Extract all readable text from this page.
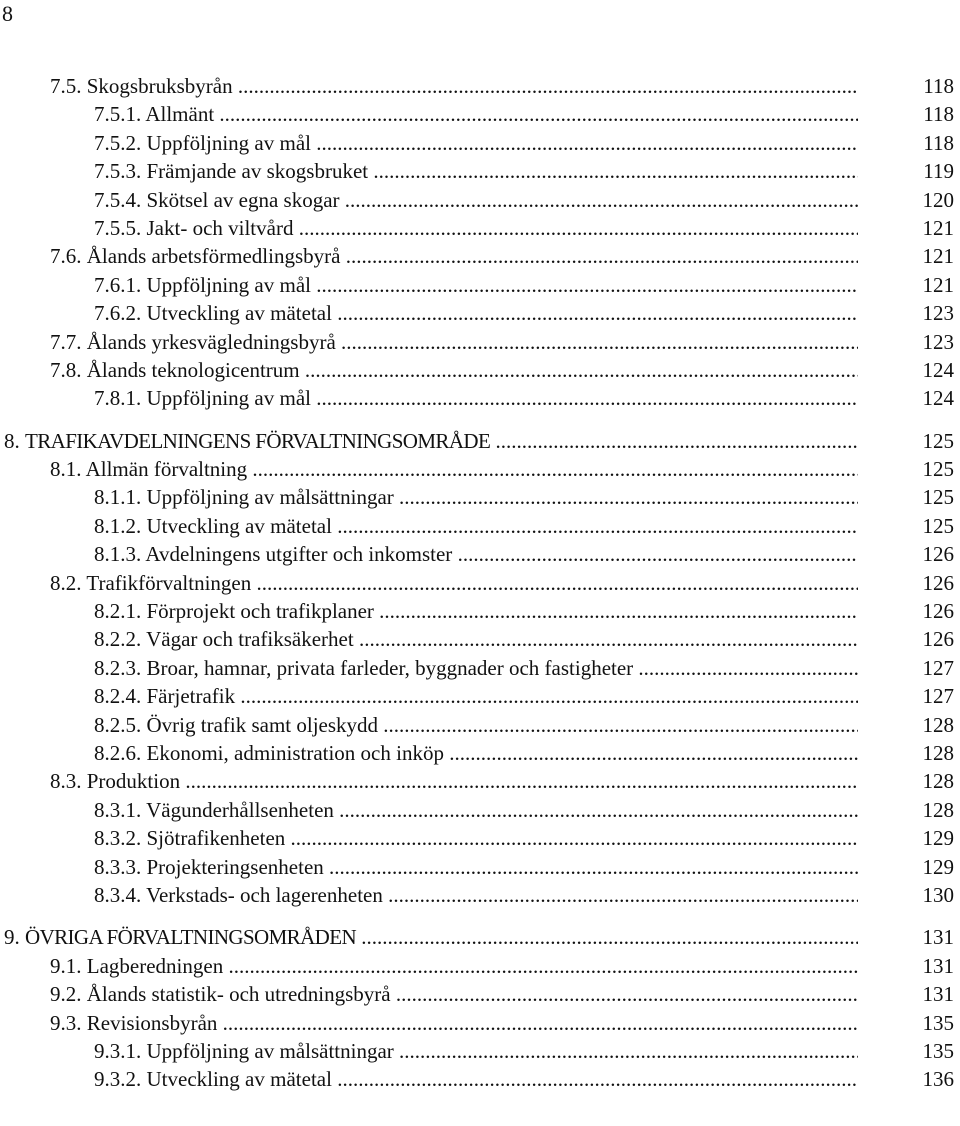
8
7.5. Skogsbruksbyrån .....	118
7.5.1. Allmänt .....	118
7.5.2. Uppföljning av mål .....	118
7.5.3. Främjande av skogsbruket .....	119
7.5.4. Skötsel av egna skogar .....	120
7.5.5. Jakt- och viltvård .....	121
7.6. Ålands arbetsförmedlingsbyrå .....	121
7.6.1. Uppföljning av mål .....	121
7.6.2. Utveckling av mätetal .....	123
7.7. Ålands yrkesvägledningsbyrå .....	123
7.8. Ålands teknologicentrum .....	124
7.8.1. Uppföljning av mål .....	124
8. TRAFIKAVDELNINGENS FÖRVALTNINGSOMRÅDE .....	125
8.1. Allmän förvaltning .....	125
8.1.1. Uppföljning av målsättningar .....	125
8.1.2. Utveckling av mätetal .....	125
8.1.3. Avdelningens utgifter och inkomster .....	126
8.2. Trafikförvaltningen .....	126
8.2.1. Förprojekt och trafikplaner .....	126
8.2.2. Vägar och trafiksäkerhet .....	126
8.2.3. Broar, hamnar, privata farleder, byggnader och fastigheter .....	127
8.2.4. Färjetrafik .....	127
8.2.5. Övrig trafik samt oljeskydd .....	128
8.2.6. Ekonomi, administration och inköp .....	128
8.3. Produktion .....	128
8.3.1. Vägunderhållsenheten .....	128
8.3.2. Sjötrafikenheten .....	129
8.3.3. Projekteringsenheten .....	129
8.3.4. Verkstads- och lagerenheten .....	130
9. ÖVRIGA FÖRVALTNINGSOMRÅDEN .....	131
9.1. Lagberedningen .....	131
9.2. Ålands statistik- och utredningsbyrå .....	131
9.3. Revisionsbyrån .....	135
9.3.1. Uppföljning av målsättningar .....	135
9.3.2. Utveckling av mätetal .....	136
